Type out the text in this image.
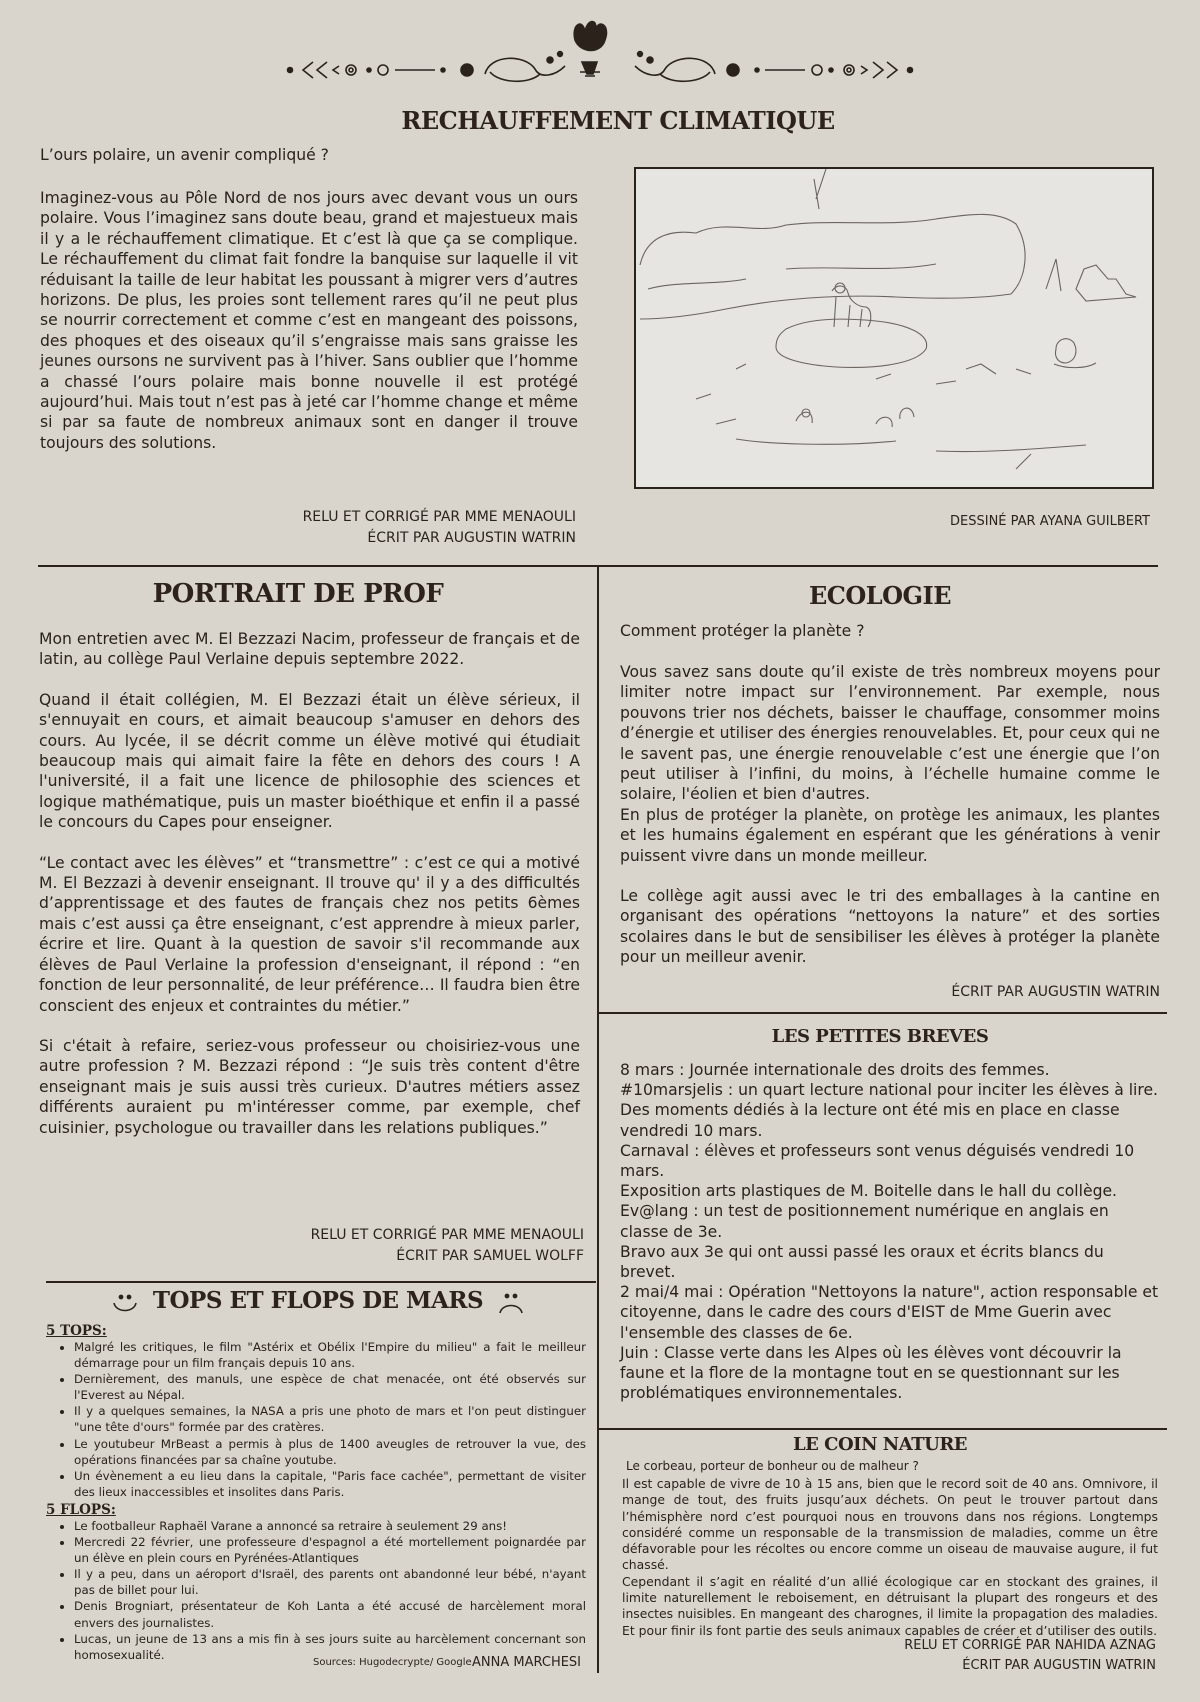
RECHAUFFEMENT CLIMATIQUE
L’ours polaire, un avenir compliqué ?
Imaginez-vous au Pôle Nord de nos jours avec devant vous un ours polaire. Vous l’imaginez sans doute beau, grand et majestueux mais il y a le réchauffement climatique. Et c’est là que ça se complique. Le réchauffement du climat fait fondre la banquise sur laquelle il vit réduisant la taille de leur habitat les poussant à migrer vers d’autres horizons. De plus, les proies sont tellement rares qu’il ne peut plus se nourrir correctement et comme c’est en mangeant des poissons, des phoques et des oiseaux qu’il s’engraisse mais sans graisse les jeunes oursons ne survivent pas à l’hiver. Sans oublier que l’homme a chassé l’ours polaire mais bonne nouvelle il est protégé aujourd’hui. Mais tout n’est pas à jeté car l’homme change et même si par sa faute de nombreux animaux sont en danger il trouve toujours des solutions.
RELU ET CORRIGÉ PAR MME MENAOULI
ÉCRIT PAR AUGUSTIN WATRIN
DESSINÉ PAR AYANA GUILBERT
PORTRAIT DE PROF
Mon entretien avec M. El Bezzazi Nacim, professeur de français et de latin, au collège Paul Verlaine depuis septembre 2022.
Quand il était collégien, M. El Bezzazi était un élève sérieux, il s'ennuyait en cours, et aimait beaucoup s'amuser en dehors des cours. Au lycée, il se décrit comme un élève motivé qui étudiait beaucoup mais qui aimait faire la fête en dehors des cours ! A l'université, il a fait une licence de philosophie des sciences et logique mathématique, puis un master bioéthique et enfin il a passé le concours du Capes pour enseigner.
“Le contact avec les élèves” et “transmettre” : c’est ce qui a motivé M. El Bezzazi à devenir enseignant. Il trouve qu' il y a des difficultés d’apprentissage et des fautes de français chez nos petits 6èmes mais c’est aussi ça être enseignant, c’est apprendre à mieux parler, écrire et lire. Quant à la question de savoir s'il recommande aux élèves de Paul Verlaine la profession d'enseignant, il répond : “en fonction de leur personnalité, de leur préférence… Il faudra bien être conscient des enjeux et contraintes du métier.”
Si c'était à refaire, seriez-vous professeur ou choisiriez-vous une autre profession ? M. Bezzazi répond : “Je suis très content d'être enseignant mais je suis aussi très curieux. D'autres métiers assez différents auraient pu m'intéresser comme, par exemple, chef cuisinier, psychologue ou travailler dans les relations publiques.”
RELU ET CORRIGÉ PAR MME MENAOULI
ÉCRIT PAR SAMUEL WOLFF
TOPS ET FLOPS DE MARS
5 TOPS:
• Malgré les critiques, le film "Astérix et Obélix l'Empire du milieu" a fait le meilleur démarrage pour un film français depuis 10 ans.
• Dernièrement, des manuls, une espèce de chat menacée, ont été observés sur l'Everest au Népal.
• Il y a quelques semaines, la NASA a pris une photo de mars et l'on peut distinguer "une tête d'ours" formée par des cratères.
• Le youtubeur MrBeast a permis à plus de 1400 aveugles de retrouver la vue, des opérations financées par sa chaîne youtube.
• Un évènement a eu lieu dans la capitale, "Paris face cachée", permettant de visiter des lieux inaccessibles et insolites dans Paris.
5 FLOPS:
• Le footballeur Raphaël Varane a annoncé sa retraire à seulement 29 ans!
• Mercredi 22 février, une professeure d'espagnol a été mortellement poignardée par un élève en plein cours en Pyrénées-Atlantiques
• Il y a peu, dans un aéroport d'Israël, des parents ont abandonné leur bébé, n'ayant pas de billet pour lui.
• Denis Brogniart, présentateur de Koh Lanta a été accusé de harcèlement moral envers des journalistes.
• Lucas, un jeune de 13 ans a mis fin à ses jours suite au harcèlement concernant son homosexualité.
Sources: Hugodecrypte/ Google ANNA MARCHESI
ECOLOGIE
Comment protéger la planète ?
Vous savez sans doute qu’il existe de très nombreux moyens pour limiter notre impact sur l’environnement. Par exemple, nous pouvons trier nos déchets, baisser le chauffage, consommer moins d’énergie et utiliser des énergies renouvelables. Et, pour ceux qui ne le savent pas, une énergie renouvelable c’est une énergie que l’on peut utiliser à l’infini, du moins, à l’échelle humaine comme le solaire, l'éolien et bien d'autres.
En plus de protéger la planète, on protège les animaux, les plantes et les humains également en espérant que les générations à venir puissent vivre dans un monde meilleur.
Le collège agit aussi avec le tri des emballages à la cantine en organisant des opérations “nettoyons la nature” et des sorties scolaires dans le but de sensibiliser les élèves à protéger la planète pour un meilleur avenir.
ÉCRIT PAR AUGUSTIN WATRIN
LES PETITES BREVES
8 mars : Journée internationale des droits des femmes.
#10marsjelis : un quart lecture national pour inciter les élèves à lire. Des moments dédiés à la lecture ont été mis en place en classe vendredi 10 mars.
Carnaval : élèves et professeurs sont venus déguisés vendredi 10 mars.
Exposition arts plastiques de M. Boitelle dans le hall du collège.
Ev@lang : un test de positionnement numérique en anglais en classe de 3e.
Bravo aux 3e qui ont aussi passé les oraux et écrits blancs du brevet.
2 mai/4 mai : Opération "Nettoyons la nature", action responsable et citoyenne, dans le cadre des cours d'EIST de Mme Guerin avec l'ensemble des classes de 6e.
Juin : Classe verte dans les Alpes où les élèves vont découvrir la faune et la flore de la montagne tout en se questionnant sur les problématiques environnementales.
LE COIN NATURE
Le corbeau, porteur de bonheur ou de malheur ?
Il est capable de vivre de 10 à 15 ans, bien que le record soit de 40 ans. Omnivore, il mange de tout, des fruits jusqu’aux déchets. On peut le trouver partout dans l’hémisphère nord c’est pourquoi nous en trouvons dans nos régions. Longtemps considéré comme un responsable de la transmission de maladies, comme un être défavorable pour les récoltes ou encore comme un oiseau de mauvaise augure, il fut chassé.
Cependant il s’agit en réalité d’un allié écologique car en stockant des graines, il limite naturellement le reboisement, en détruisant la plupart des rongeurs et des insectes nuisibles. En mangeant des charognes, il limite la propagation des maladies. Et pour finir ils font partie des seuls animaux capables de créer et d’utiliser des outils.
RELU ET CORRIGÉ PAR NAHIDA AZNAG
ÉCRIT PAR AUGUSTIN WATRIN
